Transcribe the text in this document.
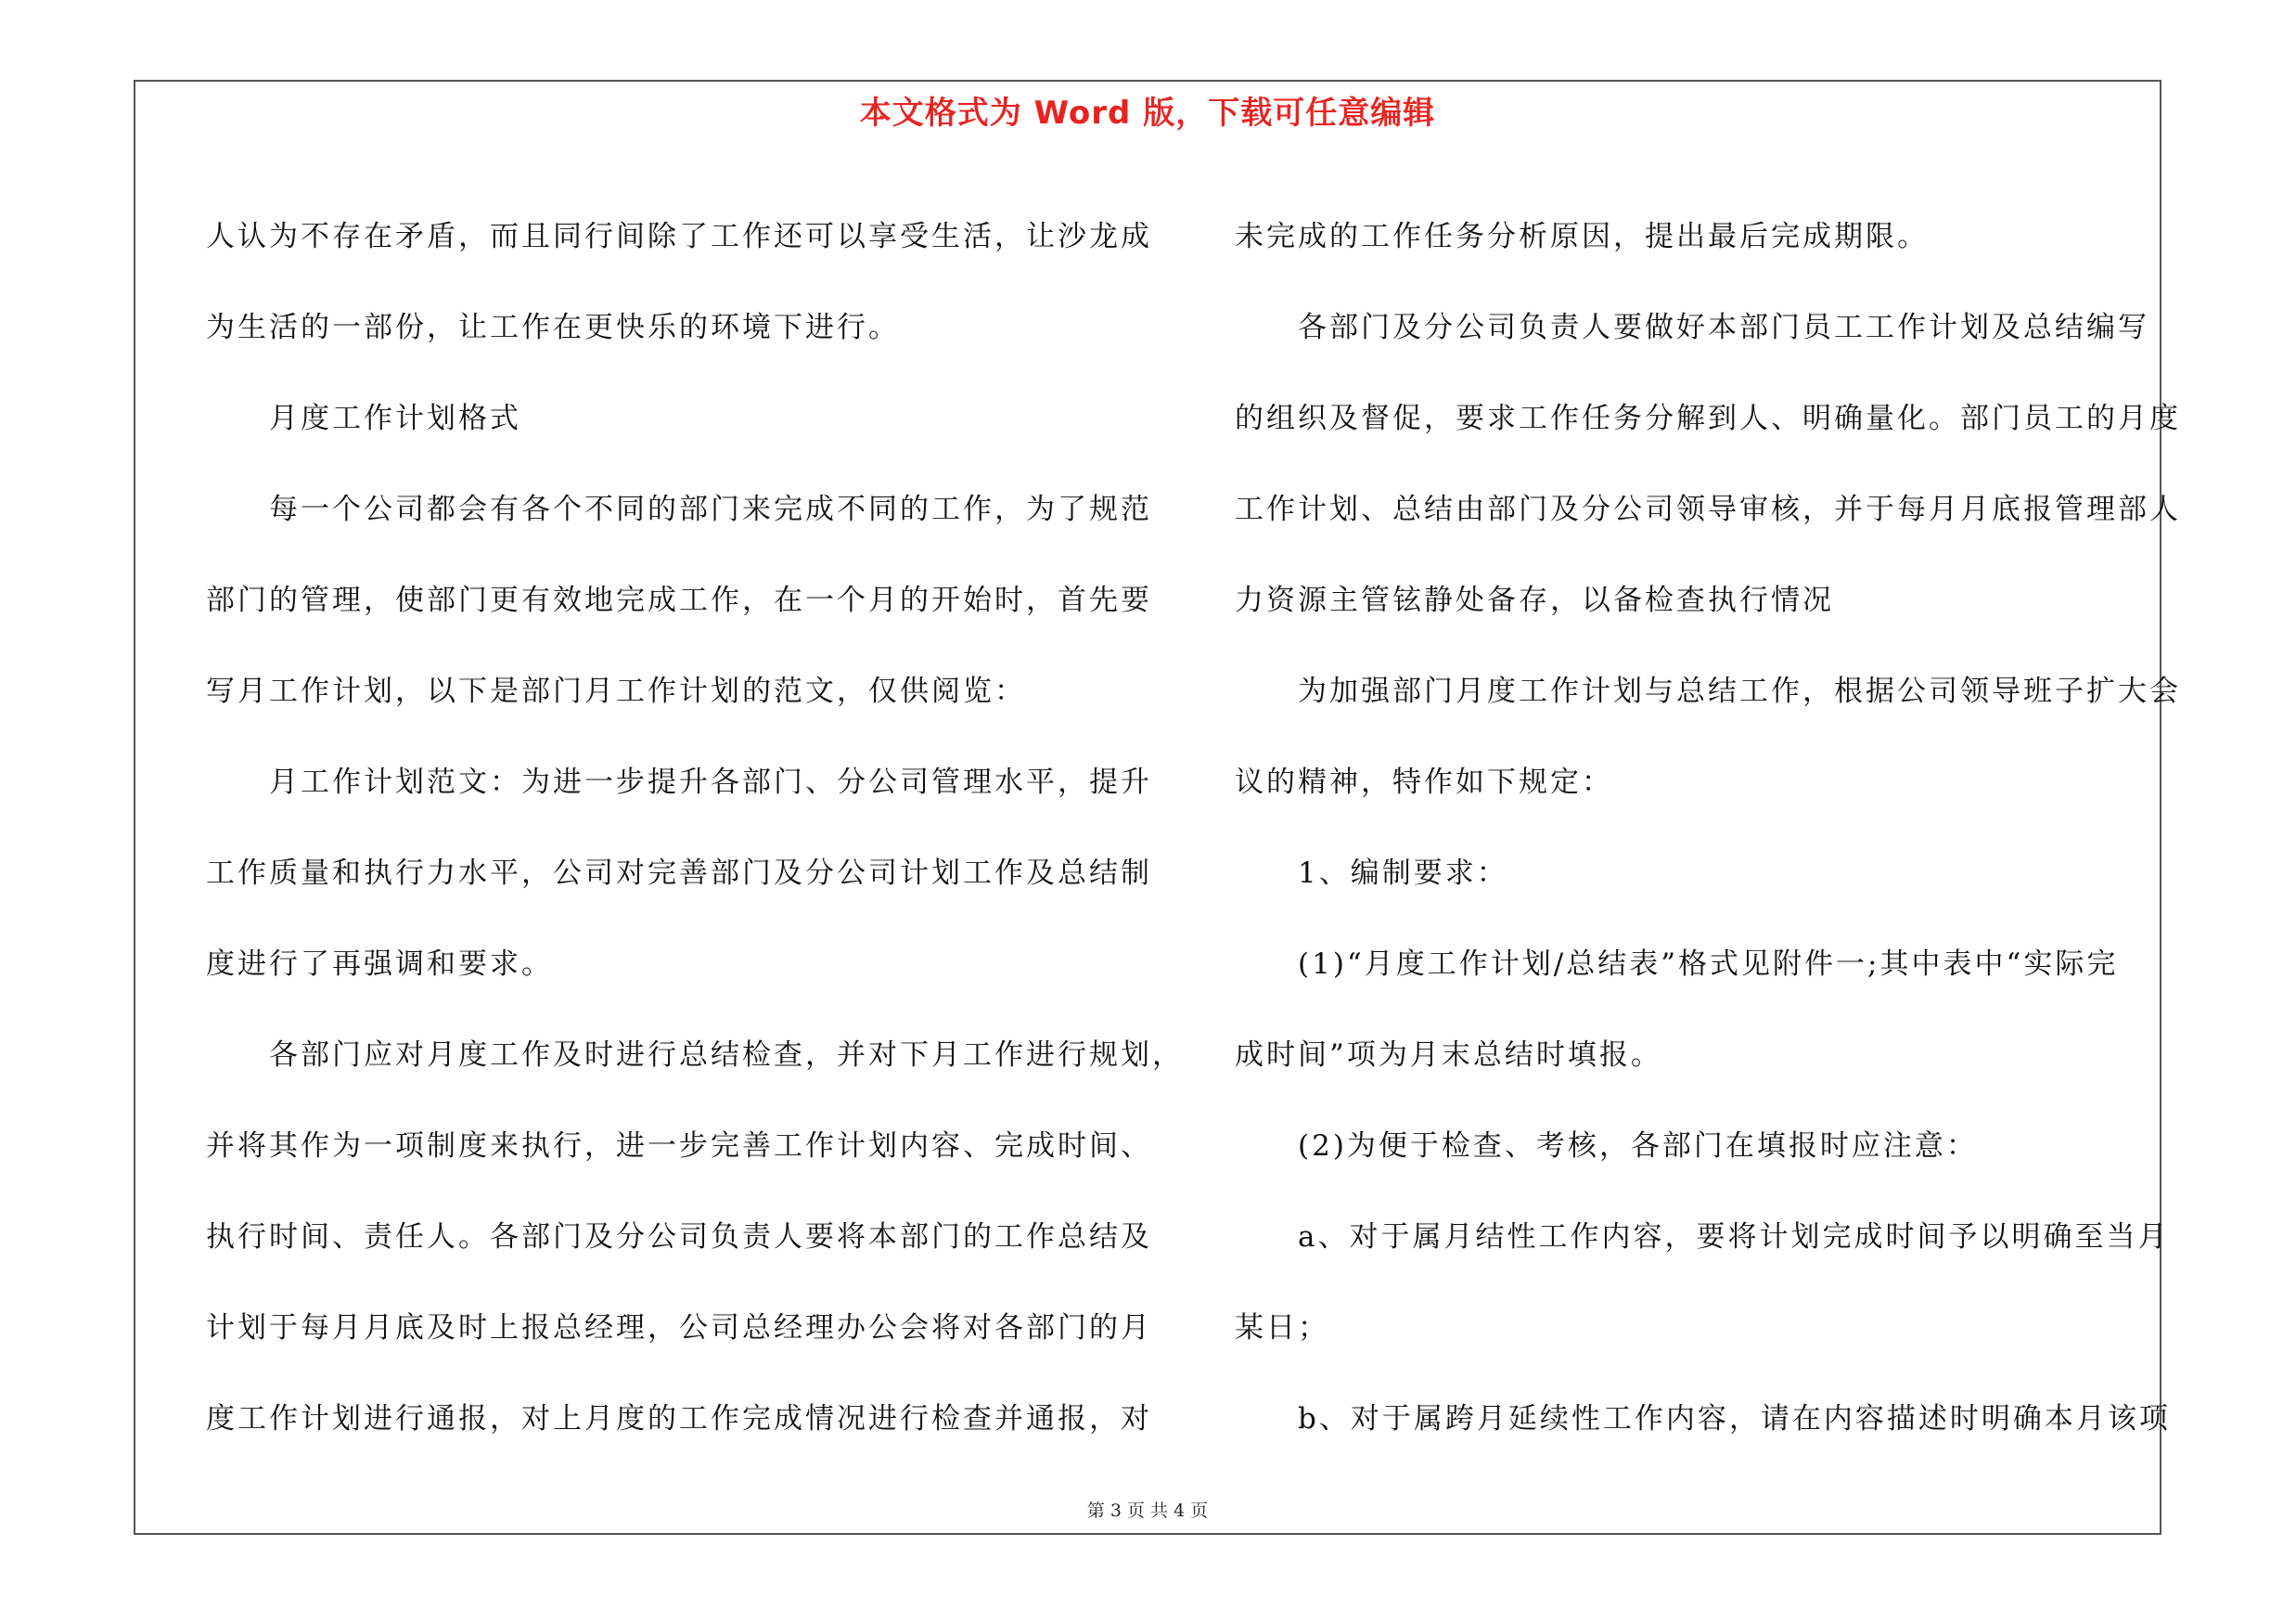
本文格式为 Word 版，下载可任意编辑

人认为不存在矛盾，而且同行间除了工作还可以享受生活，让沙龙成

为生活的一部份，让工作在更快乐的环境下进行。

月度工作计划格式

每一个公司都会有各个不同的部门来完成不同的工作，为了规范

部门的管理，使部门更有效地完成工作，在一个月的开始时，首先要

写月工作计划，以下是部门月工作计划的范文，仅供阅览：

月工作计划范文：为进一步提升各部门、分公司管理水平，提升

工作质量和执行力水平，公司对完善部门及分公司计划工作及总结制

度进行了再强调和要求。

各部门应对月度工作及时进行总结检查，并对下月工作进行规划，

并将其作为一项制度来执行，进一步完善工作计划内容、完成时间、

执行时间、责任人。各部门及分公司负责人要将本部门的工作总结及

计划于每月月底及时上报总经理，公司总经理办公会将对各部门的月

度工作计划进行通报，对上月度的工作完成情况进行检查并通报，对

未完成的工作任务分析原因，提出最后完成期限。

各部门及分公司负责人要做好本部门员工工作计划及总结编写

的组织及督促，要求工作任务分解到人、明确量化。部门员工的月度

工作计划、总结由部门及分公司领导审核，并于每月月底报管理部人

力资源主管铉静处备存，以备检查执行情况

为加强部门月度工作计划与总结工作，根据公司领导班子扩大会

议的精神，特作如下规定：

1、编制要求：

(1)“月度工作计划/总结表”格式见附件一;其中表中“实际完

成时间”项为月末总结时填报。

(2)为便于检查、考核，各部门在填报时应注意：

a、对于属月结性工作内容，要将计划完成时间予以明确至当月

某日；

b、对于属跨月延续性工作内容，请在内容描述时明确本月该项

第 3 页 共 4 页
